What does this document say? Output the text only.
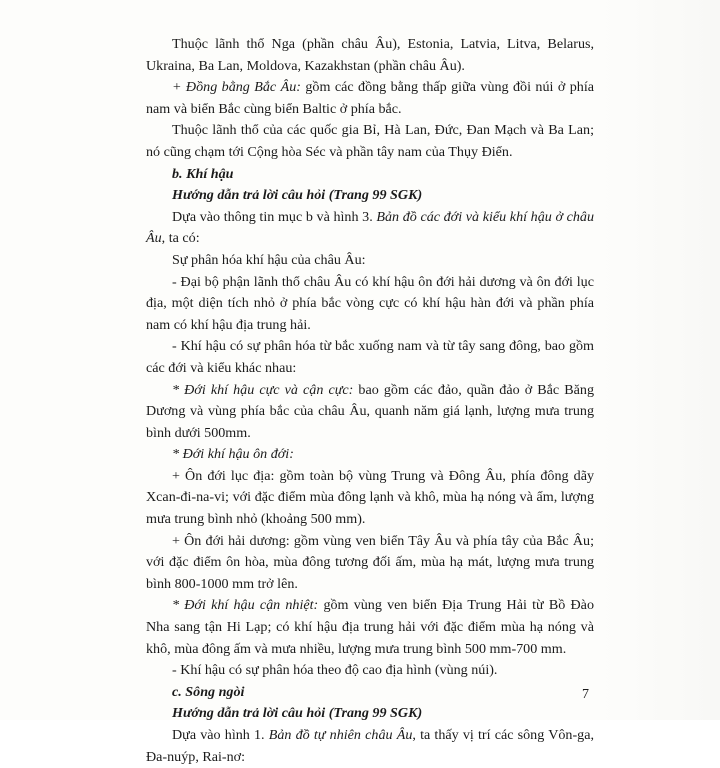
Thuộc lãnh thổ Nga (phần châu Âu), Estonia, Latvia, Litva, Belarus, Ukraina, Ba Lan, Moldova, Kazakhstan (phần châu Âu).

+ Đồng bằng Bắc Âu: gồm các đồng bằng thấp giữa vùng đồi núi ở phía nam và biển Bắc cùng biển Baltic ở phía bắc.

Thuộc lãnh thổ của các quốc gia Bỉ, Hà Lan, Đức, Đan Mạch và Ba Lan; nó cũng chạm tới Cộng hòa Séc và phần tây nam của Thụy Điển.

b. Khí hậu

Hướng dẫn trả lời câu hỏi (Trang 99 SGK)

Dựa vào thông tin mục b và hình 3. Bản đồ các đới và kiểu khí hậu ở châu Âu, ta có:

Sự phân hóa khí hậu của châu Âu:

- Đại bộ phận lãnh thổ châu Âu có khí hậu ôn đới hải dương và ôn đới lục địa, một diện tích nhỏ ở phía bắc vòng cực có khí hậu hàn đới và phần phía nam có khí hậu địa trung hải.

- Khí hậu có sự phân hóa từ bắc xuống nam và từ tây sang đông, bao gồm các đới và kiểu khác nhau:

* Đới khí hậu cực và cận cực: bao gồm các đảo, quần đảo ở Bắc Băng Dương và vùng phía bắc của châu Âu, quanh năm giá lạnh, lượng mưa trung bình dưới 500mm.

* Đới khí hậu ôn đới:

+ Ôn đới lục địa: gồm toàn bộ vùng Trung và Đông Âu, phía đông dãy Xcan-đi-na-vi; với đặc điểm mùa đông lạnh và khô, mùa hạ nóng và ẩm, lượng mưa trung bình nhỏ (khoảng 500 mm).

+ Ôn đới hải dương: gồm vùng ven biển Tây Âu và phía tây của Bắc Âu; với đặc điểm ôn hòa, mùa đông tương đối ấm, mùa hạ mát, lượng mưa trung bình 800-1000 mm trở lên.

* Đới khí hậu cận nhiệt: gồm vùng ven biển Địa Trung Hải từ Bồ Đào Nha sang tận Hi Lạp; có khí hậu địa trung hải với đặc điểm mùa hạ nóng và khô, mùa đông ấm và mưa nhiều, lượng mưa trung bình 500 mm-700 mm.

- Khí hậu có sự phân hóa theo độ cao địa hình (vùng núi).

c. Sông ngòi

Hướng dẫn trả lời câu hỏi (Trang 99 SGK)

Dựa vào hình 1. Bản đồ tự nhiên châu Âu, ta thấy vị trí các sông Vôn-ga, Đa-nuýp, Rai-nơ:

7
